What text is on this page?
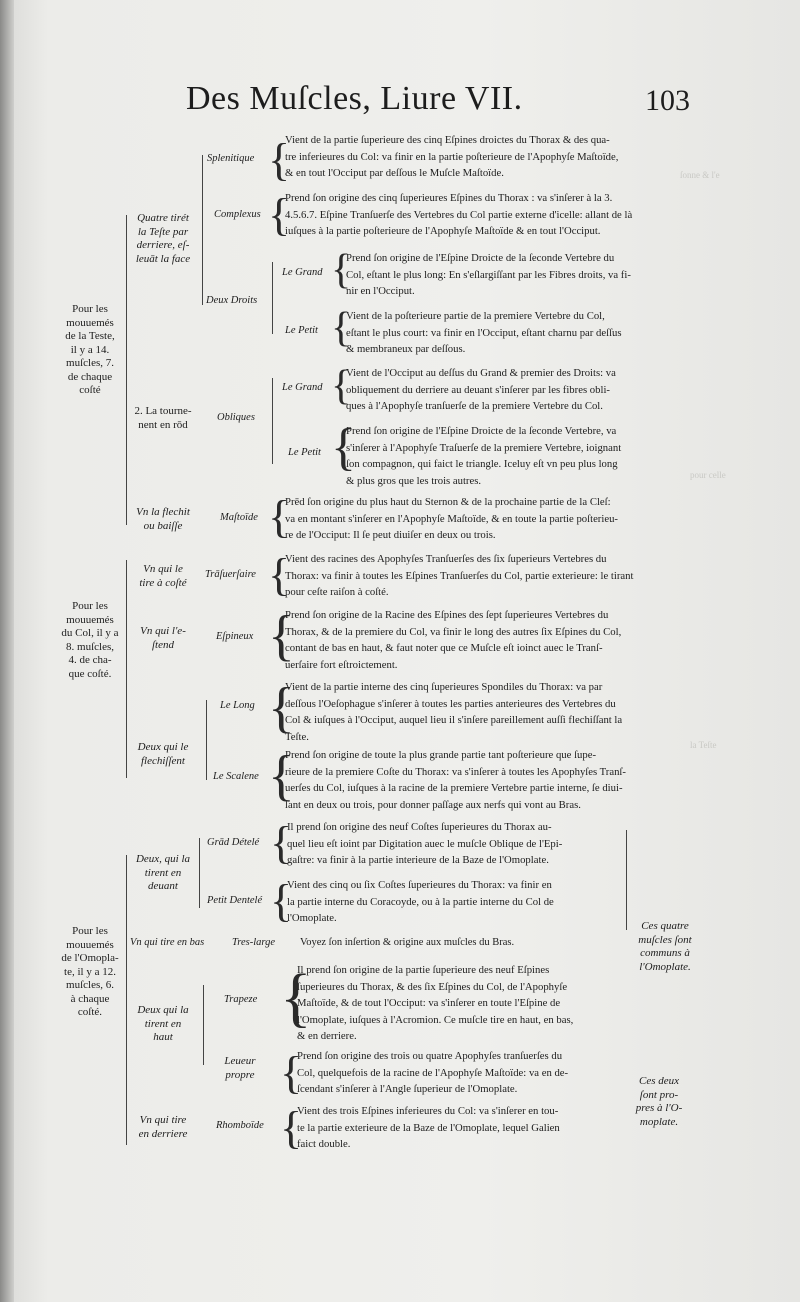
ſonne & l'e
pour celle
la Teſte
Des Muſcles, Liure VII.	103
Pour les
mouuemés
de la Teste,
il y a 14.
muſcles, 7.
de chaque
coſté
Quatre tirét
la Teſte par
derriere, eſ-
leuāt la face
Splenitique {
Vient de la partie ſuperieure des cinq Eſpines droictes du Thorax & des qua-
tre inferieures du Col: va finir en la partie poſterieure de l'Apophyſe Maſtoïde,
& en tout l'Occiput par deſſous le Muſcle Maſtoïde.
Complexus {
Prend ſon origine des cinq ſuperieures Eſpines du Thorax : va s'inſerer à la 3.
4.5.6.7. Eſpine Tranſuerſe des Vertebres du Col partie externe d'icelle: allant de là
iuſques à la partie poſterieure de l'Apophyſe Maſtoïde & en tout l'Occiput.
Deux Droits
Le Grand {
Prend ſon origine de l'Eſpine Droicte de la ſeconde Vertebre du
Col, eſtant le plus long: En s'eſlargiſſant par les Fibres droits, va fi-
nir en l'Occiput.
Le Petit {
Vient de la poſterieure partie de la premiere Vertebre du Col,
eſtant le plus court: va finir en l'Occiput, eſtant charnu par deſſus
& membraneux par deſſous.
2. La tourne-
nent en rōd
Obliques
Le Grand {
Vient de l'Occiput au deſſus du Grand & premier des Droits: va
obliquement du derriere au deuant s'inſerer par les fibres obli-
ques à l'Apophyſe tranſuerſe de la premiere Vertebre du Col.
Le Petit {
Prend ſon origine de l'Eſpine Droicte de la ſeconde Vertebre, va
s'inſerer à l'Apophyſe Traſuerſe de la premiere Vertebre, ioignant
ſon compagnon, qui faict le triangle. Iceluy eſt vn peu plus long
& plus gros que les trois autres.
Vn la flechit
ou baiſſe
Maſtoïde {
Prēd ſon origine du plus haut du Sternon & de la prochaine partie de la Cleſ:
va en montant s'inſerer en l'Apophyſe Maſtoïde, & en toute la partie poſterieu-
re de l'Occiput: Il ſe peut diuiſer en deux ou trois.
Pour les
mouuemés
du Col, il y a
8. muſcles,
4. de cha-
que coſté.
Vn qui le
tire à coſté
Trāſuerſaire {
Vient des racines des Apophyſes Tranſuerſes des ſix ſuperieurs Vertebres du
Thorax: va finir à toutes les Eſpines Tranſuerſes du Col, partie exterieure: le tirant
pour ceſte raiſon à coſté.
Vn qui l'e-
ſtend
Eſpineux {
Prend ſon origine de la Racine des Eſpines des ſept ſuperieures Vertebres du
Thorax, & de la premiere du Col, va finir le long des autres ſix Eſpines du Col,
contant de bas en haut, & faut noter que ce Muſcle eſt ioinct auec le Tranſ-
uerſaire fort eſtroictement.
Deux qui le
flechiſſent
Le Long {
Vient de la partie interne des cinq ſuperieures Spondiles du Thorax: va par
deſſous l'Oeſophague s'inſerer à toutes les parties anterieures des Vertebres du
Col & iuſques à l'Occiput, auquel lieu il s'inſere pareillement auſſi flechiſſant la
Teſte.
Le Scalene {
Prend ſon origine de toute la plus grande partie tant poſterieure que ſupe-
rieure de la premiere Coſte du Thorax: va s'inſerer à toutes les Apophyſes Tranſ-
uerſes du Col, iuſques à la racine de la premiere Vertebre partie interne, ſe diui-
ſant en deux ou trois, pour donner paſſage aux nerfs qui vont au Bras.
Pour les
mouuemés
de l'Omopla-
te, il y a 12.
muſcles, 6.
à chaque
coſté.
Deux, qui la
tirent en
deuant
Grād Dételé {
Il prend ſon origine des neuf Coſtes ſuperieures du Thorax au-
quel lieu eſt ioint par Digitation auec le muſcle Oblique de l'Epi-
gaſtre: va finir à la partie interieure de la Baze de l'Omoplate.
Petit Dentelé {
Vient des cinq ou ſix Coſtes ſuperieures du Thorax: va finir en
la partie interne du Coracoyde, ou à la partie interne du Col de
l'Omoplate.
Vn qui tire en bas	Tres-large Voyez ſon inſertion & origine aux muſcles du Bras.
Ces quatre
muſcles ſont
communs à
l'Omoplate.
Deux qui la
tirent en
haut
Trapeze {
Il prend ſon origine de la partie ſuperieure des neuf Eſpines
ſuperieures du Thorax, & des ſix Eſpines du Col, de l'Apophyſe
Maſtoïde, & de tout l'Occiput: va s'inſerer en toute l'Eſpine de
l'Omoplate, iuſques à l'Acromion. Ce muſcle tire en haut, en bas,
& en derriere.
Leueur
propre {
Prend ſon origine des trois ou quatre Apophyſes tranſuerſes du
Col, quelquefois de la racine de l'Apophyſe Maſtoïde: va en de-
ſcendant s'inſerer à l'Angle ſuperieur de l'Omoplate.
Ces deux
ſont pro-
pres à l'O-
moplate.
Vn qui tire
en derriere
Rhomboïde {
Vient des trois Eſpines inferieures du Col: va s'inſerer en tou-
te la partie exterieure de la Baze de l'Omoplate, lequel Galien
faict double.
